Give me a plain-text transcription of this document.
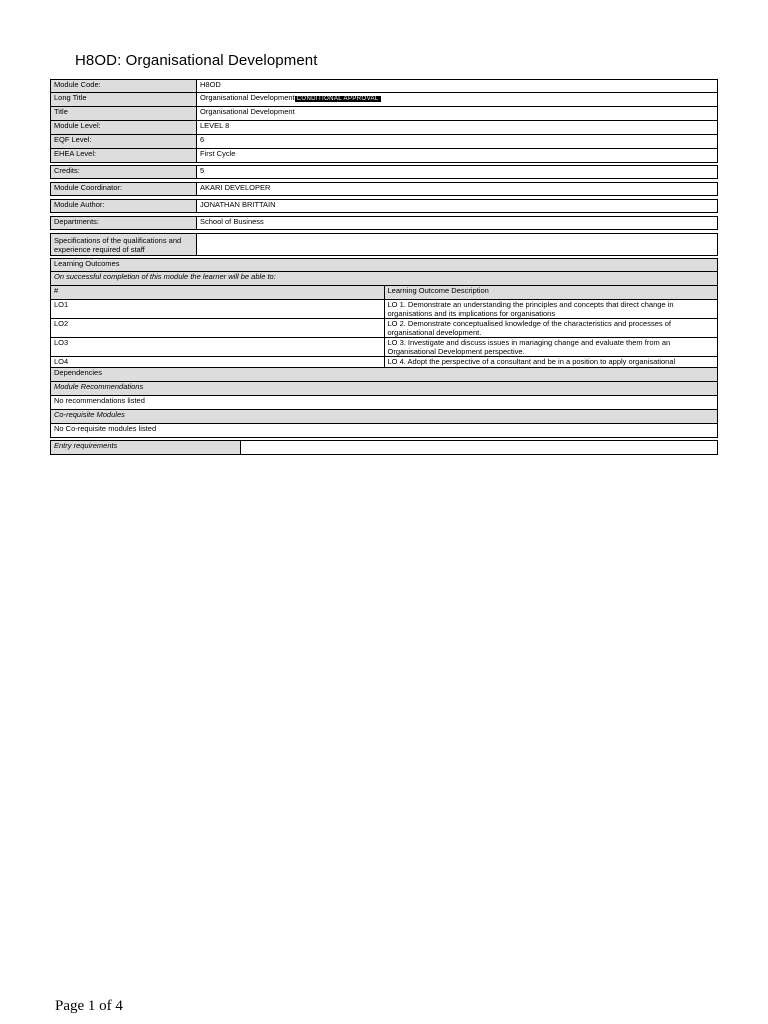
H8OD: Organisational Development
Module Code:	H8OD
Long Title	Organisational Development CONDITIONAL APPROVAL
Title	Organisational Development
Module Level:	LEVEL 8
EQF Level:	6
EHEA Level:	First Cycle
Credits:	5
Module Coordinator:	AKARI DEVELOPER
Module Author:	JONATHAN BRITTAIN
Departments:	School of Business
Specifications of the qualifications and experience required of staff	
Learning Outcomes	
On successful completion of this module the learner will be able to:	
#	Learning Outcome Description
LO1	LO 1. Demonstrate an understanding the principles and concepts that direct change in organisations and its implications for organisations
LO2	LO 2. Demonstrate conceptualised knowledge of the characteristics and processes of organisational development.
LO3	LO 3. Investigate and discuss issues in managing change and evaluate them from an Organisational Development perspective.
LO4	LO 4. Adopt the perspective of a consultant and be in a position to apply organisational
Dependencies
Module Recommendations
No recommendations listed
Co-requisite Modules
No Co-requisite modules listed
Entry requirements	
Page 1 of 4
